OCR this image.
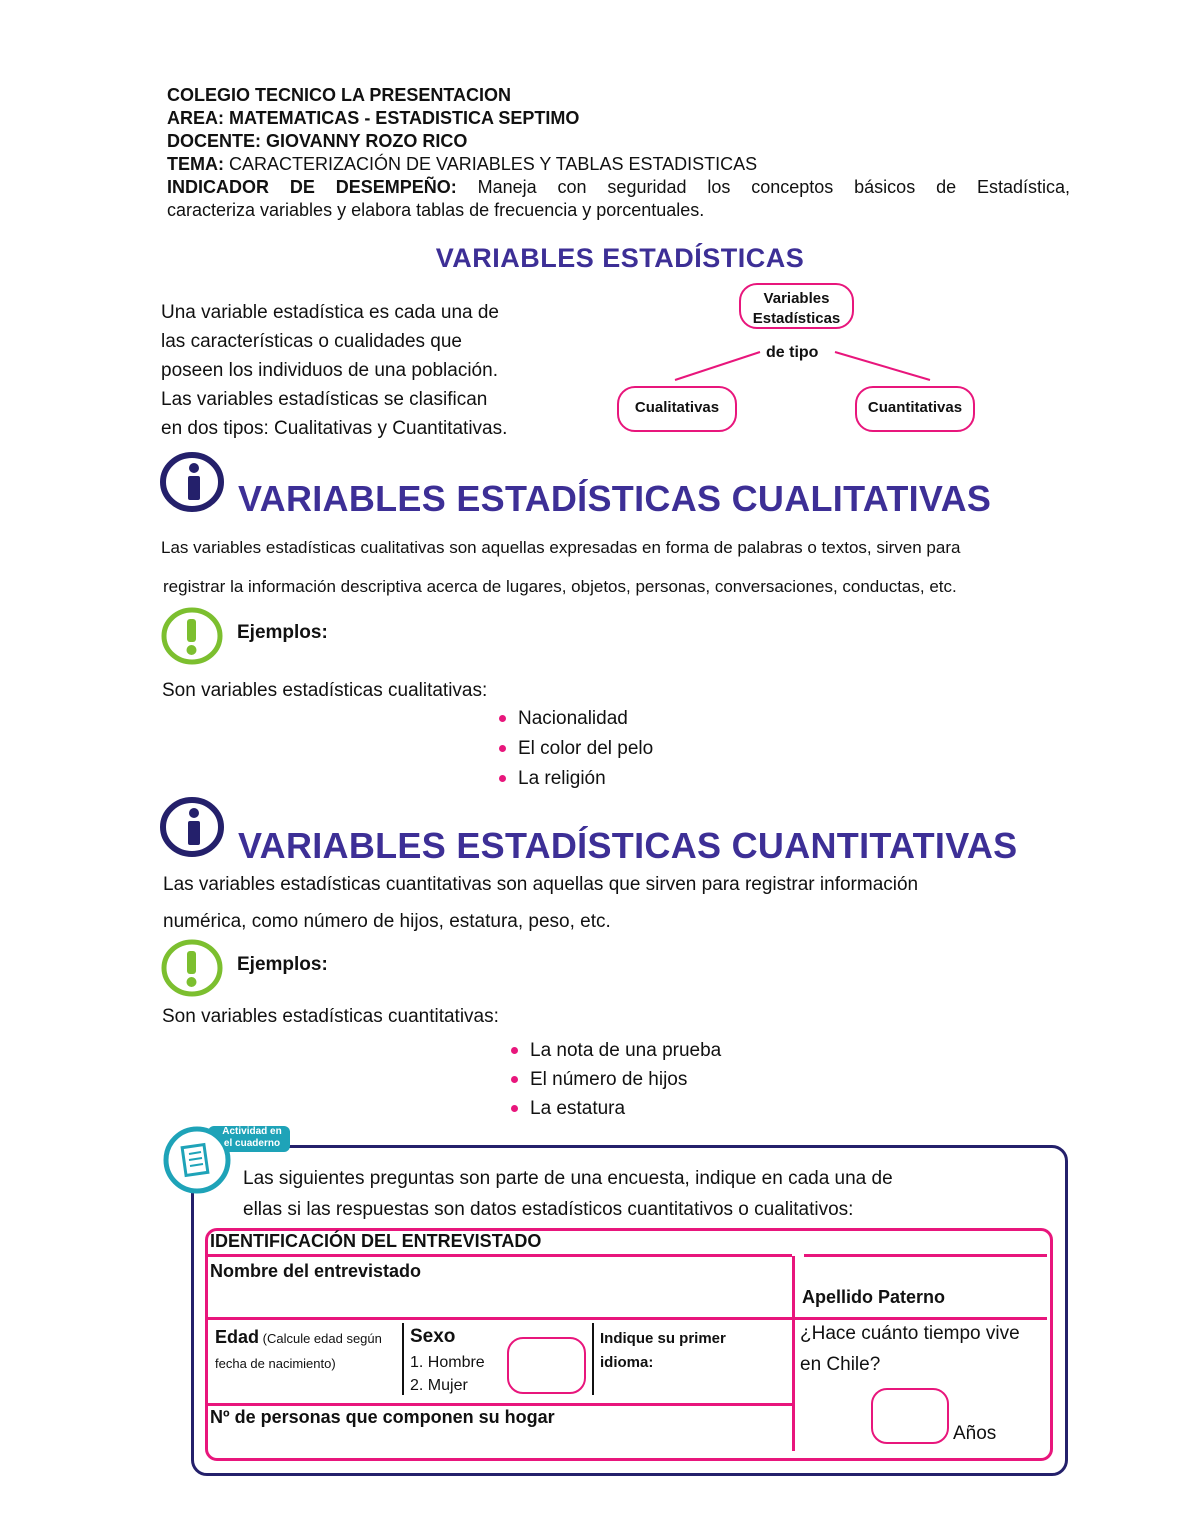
COLEGIO TECNICO LA PRESENTACION
AREA: MATEMATICAS - ESTADISTICA SEPTIMO
DOCENTE: GIOVANNY ROZO RICO
TEMA: CARACTERIZACIÓN DE VARIABLES Y TABLAS ESTADISTICAS
INDICADOR DE DESEMPEÑO: Maneja con seguridad los conceptos básicos de Estadística,
caracteriza variables y elabora tablas de frecuencia y porcentuales.
VARIABLES ESTADÍSTICAS
Una variable estadística es cada una de
las características o cualidades que
poseen los individuos de una población.
Las variables estadísticas se clasifican
en dos tipos: Cualitativas y Cuantitativas.
Variables
Estadísticas
de tipo
Cualitativas	Cuantitativas
VARIABLES ESTADÍSTICAS CUALITATIVAS
Las variables estadísticas cualitativas son aquellas expresadas en forma de palabras o textos, sirven para
registrar la información descriptiva acerca de lugares, objetos, personas, conversaciones, conductas, etc.
Ejemplos:
Son variables estadísticas cualitativas:
Nacionalidad
El color del pelo
La religión
VARIABLES ESTADÍSTICAS CUANTITATIVAS
Las variables estadísticas cuantitativas son aquellas que sirven para registrar información
numérica, como número de hijos, estatura, peso, etc.
Ejemplos:
Son variables estadísticas cuantitativas:
La nota de una prueba
El número de hijos
La estatura
Actividad en
el cuaderno
Las siguientes preguntas son parte de una encuesta, indique en cada una de
ellas si las respuestas son datos estadísticos cuantitativos o cualitativos:
IDENTIFICACIÓN DEL ENTREVISTADO
Nombre del entrevistado
Apellido Paterno
Edad (Calcule edad según
fecha de nacimiento)
Sexo
1. Hombre
2. Mujer
Indique su primer
idioma:
¿Hace cuánto tiempo vive
en Chile?
Años
Nº de personas que componen su hogar
